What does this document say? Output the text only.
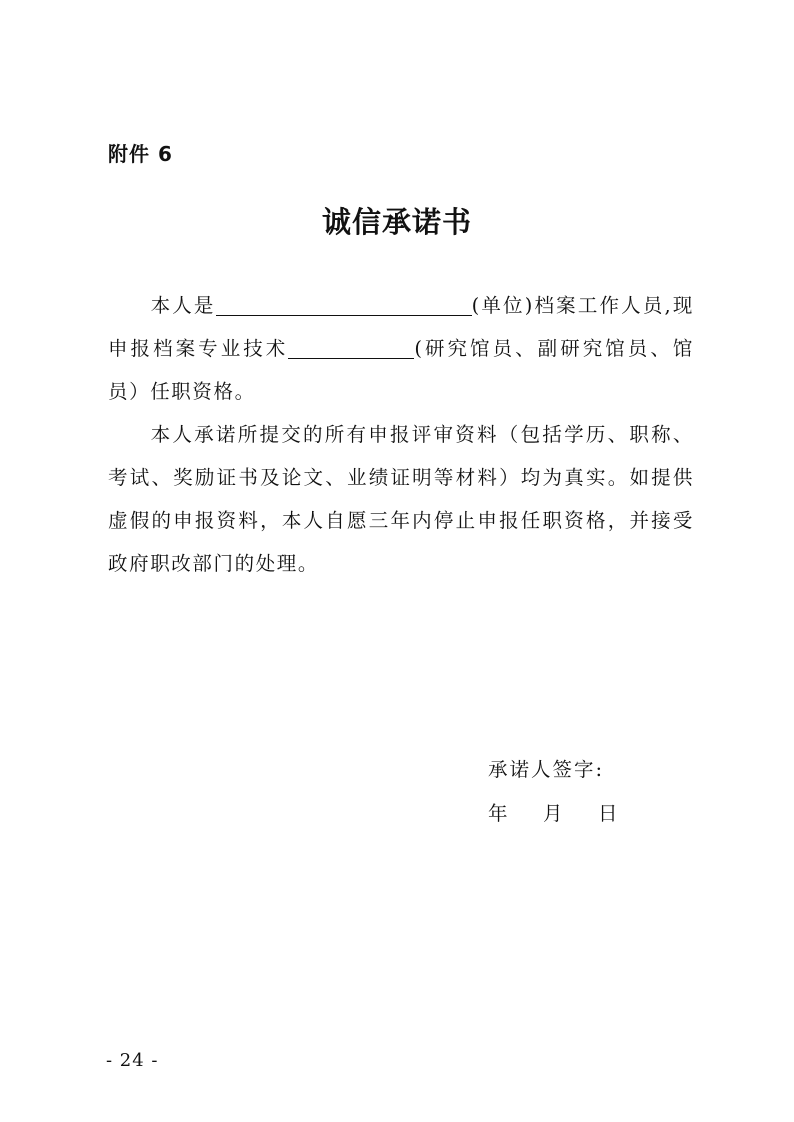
附件 6
诚信承诺书

本人是	(单位)档案工作人员,现申报档案专业技术	(研究馆员、副研究馆员、馆员）任职资格。

本人承诺所提交的所有申报评审资料（包括学历、职称、考试、奖励证书及论文、业绩证明等材料）均为真实。如提供虚假的申报资料，本人自愿三年内停止申报任职资格，并接受政府职改部门的处理。

承诺人签字:
年 月 日
- 24 -
